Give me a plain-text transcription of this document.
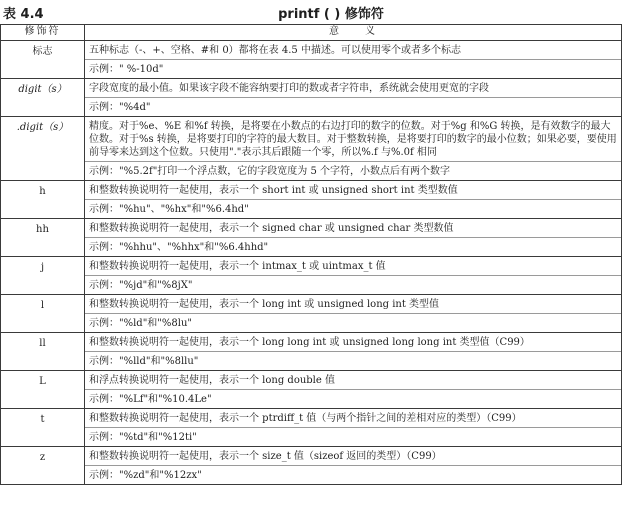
表 4.4	printf ( ) 修饰符
修饰符	意　　义
标志	五种标志（-、+、空格、#和 0）都将在表 4.5 中描述。可以使用零个或者多个标志
示例：" %-10d"

digit（s）	字段宽度的最小值。如果该字段不能容纳要打印的数或者字符串，系统就会使用更宽的字段
示例："%4d"

.digit（s）	精度。对于%e、%E 和%f 转换，是将要在小数点的右边打印的数字的位数。对于%g 和%G 转换，是有效数字的最大位数。对于%s 转换，是将要打印的字符的最大数目。对于整数转换，是将要打印的数字的最小位数；如果必要，要使用前导零来达到这个位数。只使用"."表示其后跟随一个零，所以%.f 与%.0f 相同
示例："%5.2f"打印一个浮点数，它的字段宽度为 5 个字符，小数点后有两个数字

h	和整数转换说明符一起使用，表示一个 short int 或 unsigned short int 类型数值
示例："%hu"、"%hx"和"%6.4hd"

hh	和整数转换说明符一起使用，表示一个 signed char 或 unsigned char 类型数值
示例："%hhu"、"%hhx"和"%6.4hhd"

j	和整数转换说明符一起使用，表示一个 intmax_t 或 uintmax_t 值
示例："%jd"和"%8jX"

l	和整数转换说明符一起使用，表示一个 long int 或 unsigned long int 类型值
示例："%ld"和"%8lu"

ll	和整数转换说明符一起使用，表示一个 long long int 或 unsigned long long int 类型值（C99）
示例："%lld"和"%8llu"

L	和浮点转换说明符一起使用，表示一个 long double 值
示例："%Lf"和"%10.4Le"

t	和整数转换说明符一起使用，表示一个 ptrdiff_t 值（与两个指针之间的差相对应的类型）（C99）
示例："%td"和"%12ti"

z	和整数转换说明符一起使用，表示一个 size_t 值（sizeof 返回的类型）（C99）
示例："%zd"和"%12zx"
